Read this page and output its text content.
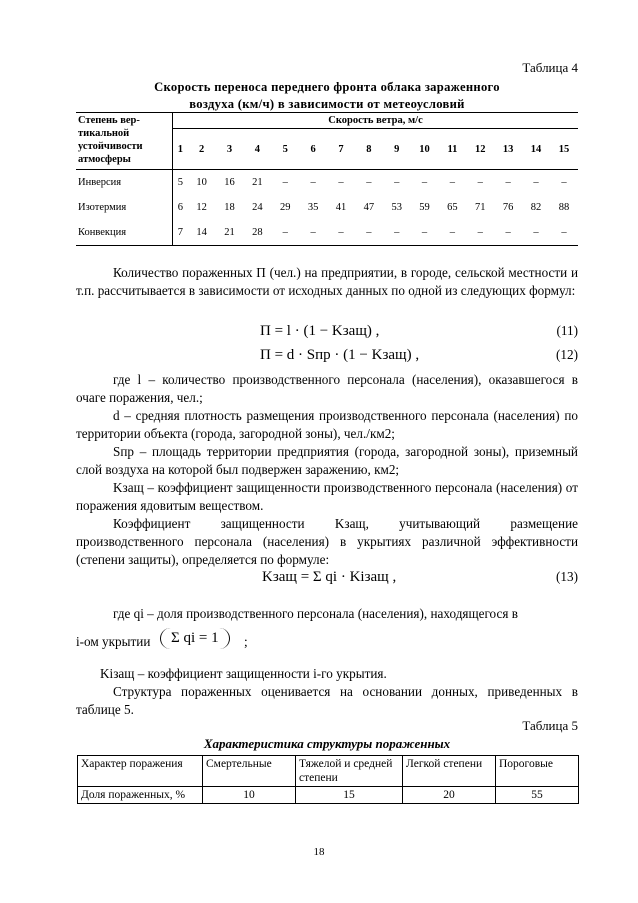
Таблица 4
Скорость переноса переднего фронта облака зараженного
воздуха (км/ч) в зависимости от метеоусловий
Степень вер-
тикальной
устойчивости
атмосферы	Скорость ветра, м/с														
	1	2	3	4	5	6	7	8	9	10	11	12	13	14	15
Инверсия	5	10	16	21	–	–	–	–	–	–	–	–	–	–	–
Изотермия	6	12	18	24	29	35	41	47	53	59	65	71	76	82	88
Конвекция	7	14	21	28	–	–	–	–	–	–	–	–	–	–	–
Количество пораженных П (чел.) на предприятии, в городе, сельской местности и т.п. рассчитывается в зависимости от исходных данных по одной из следующих формул:
П = l · (1 − Kзащ) ,	(11)
П = d · Sпр · (1 − Kзащ) ,	(12)
где l – количество производственного персонала (населения), оказавшегося в очаге поражения, чел.;
d – средняя плотность размещения производственного персонала (населения) по территории объекта (города, загородной зоны), чел./км2;
Sпр – площадь территории предприятия (города, загородной зоны), приземный слой воздуха на которой был подвержен заражению, км2;
Kзащ – коэффициент защищенности производственного персонала (населения) от поражения ядовитым веществом.
Коэффициент защищенности Kзащ, учитывающий размещение производственного персонала (населения) в укрытиях различной эффективности (степени защиты), определяется по формуле:
Kзащ = Σ qi · Kiзащ ,	(13)
где qi – доля производственного персонала (населения), находящегося в
i-ом укрытии	Σ qi = 1	;
Kiзащ – коэффициент защищенности i-го укрытия.
Структура пораженных оценивается на основании донных, приведенных в таблице 5.
Таблица 5
Характеристика структуры пораженных
Характер поражения	Смертельные	Тяжелой и средней степени	Легкой степени	Пороговые
Доля пораженных, %	10	15	20	55
18
